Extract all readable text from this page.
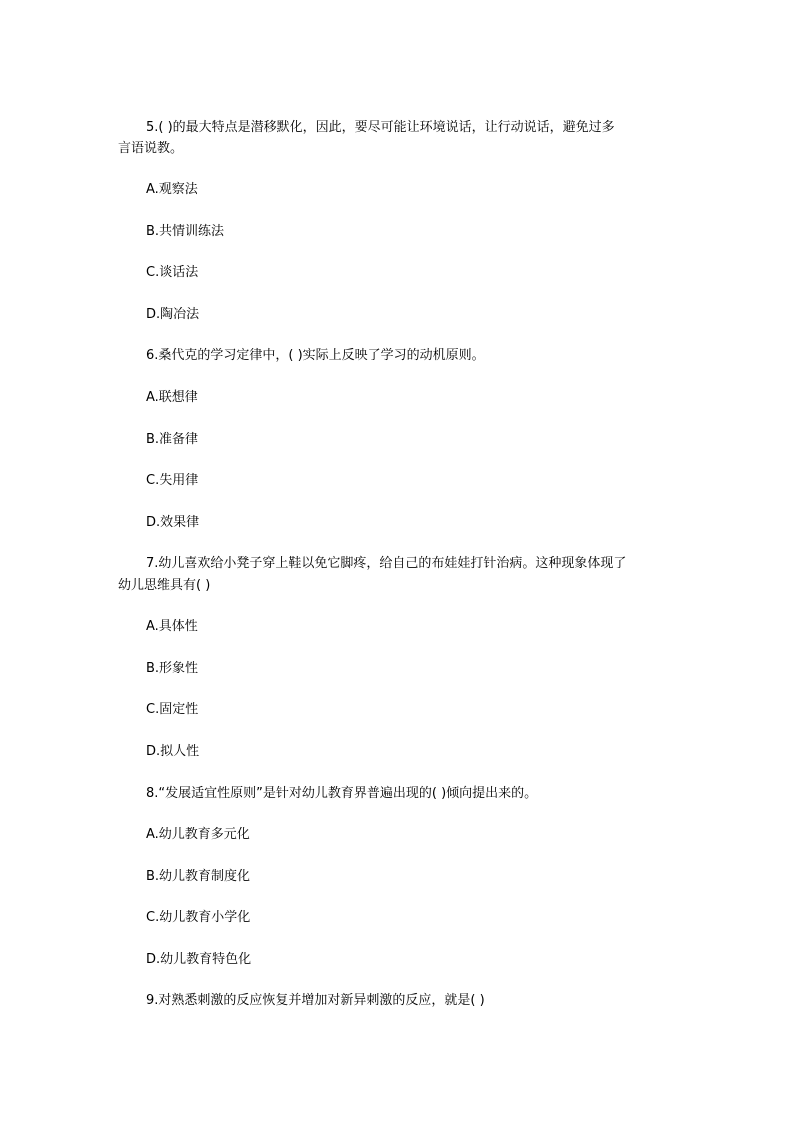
5.( )的最大特点是潜移默化，因此，要尽可能让环境说话，让行动说话，避免过多
言语说教。
A.观察法
B.共情训练法
C.谈话法
D.陶冶法
6.桑代克的学习定律中，( )实际上反映了学习的动机原则。
A.联想律
B.准备律
C.失用律
D.效果律
7.幼儿喜欢给小凳子穿上鞋以免它脚疼，给自己的布娃娃打针治病。这种现象体现了
幼儿思维具有( )
A.具体性
B.形象性
C.固定性
D.拟人性
8.“发展适宜性原则”是针对幼儿教育界普遍出现的( )倾向提出来的。
A.幼儿教育多元化
B.幼儿教育制度化
C.幼儿教育小学化
D.幼儿教育特色化
9.对熟悉刺激的反应恢复并增加对新异刺激的反应，就是( )
